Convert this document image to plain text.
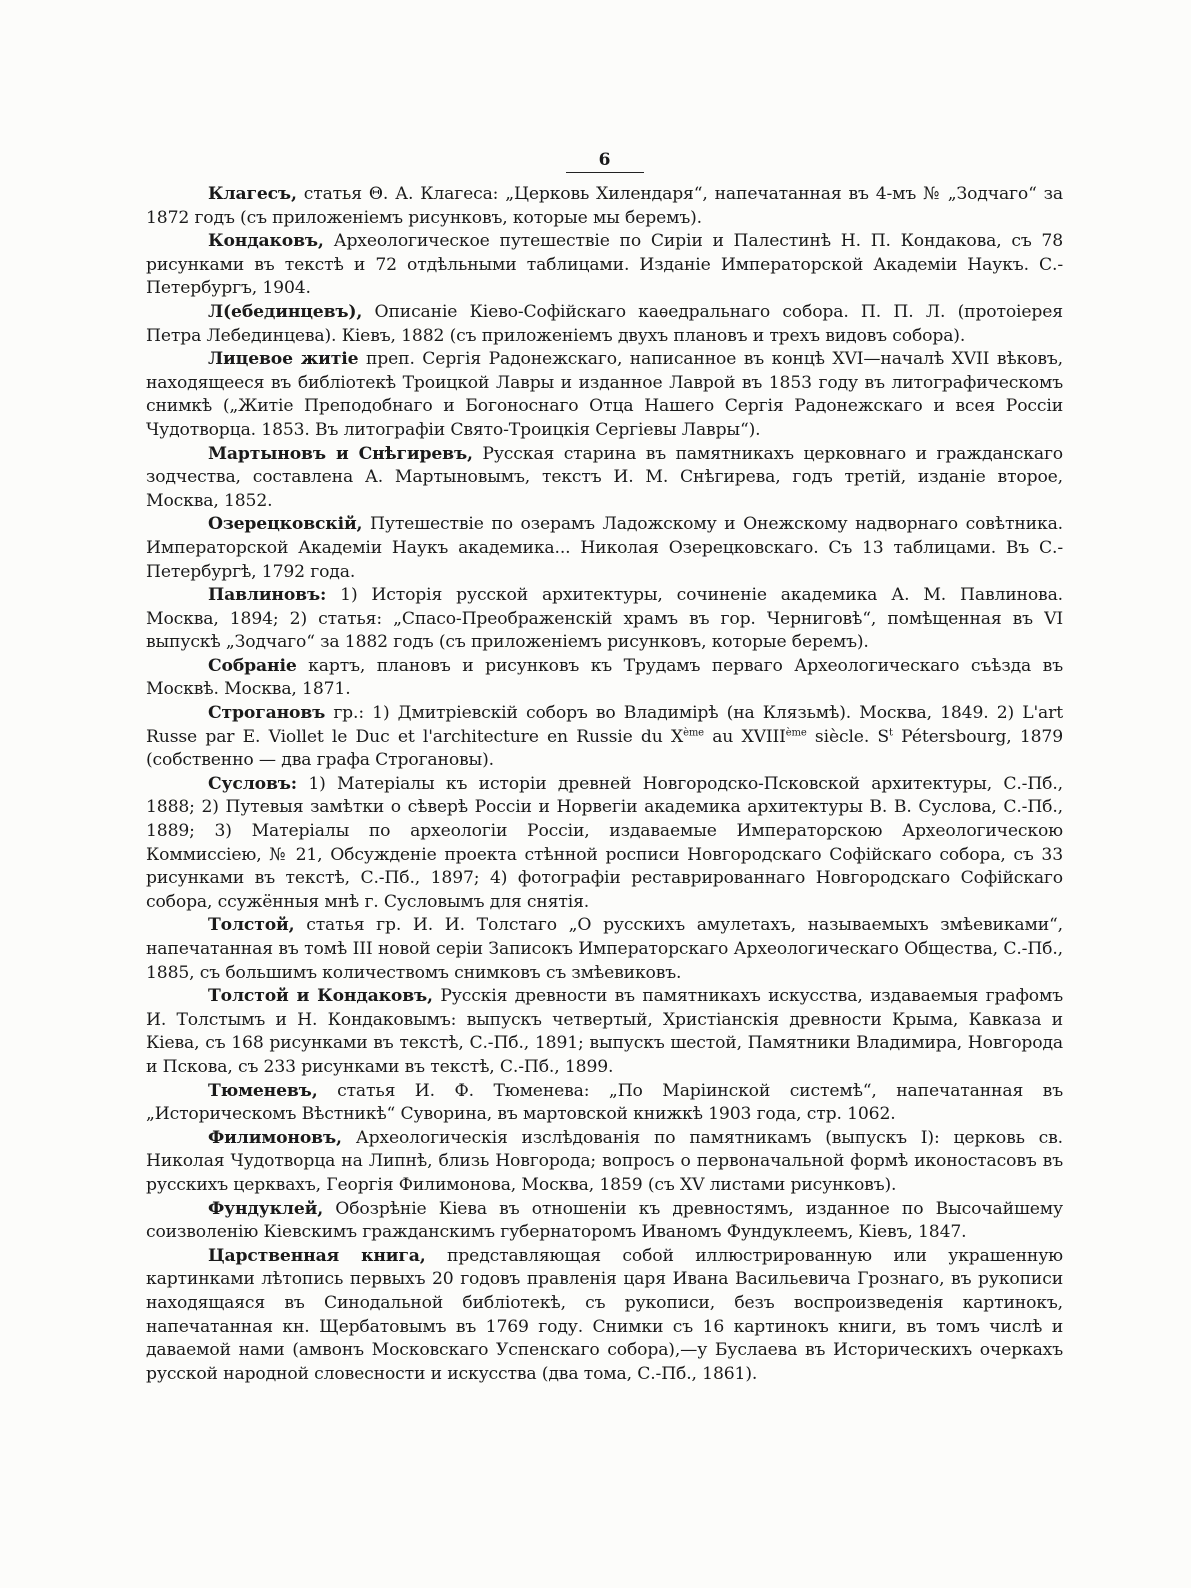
6

Клагесъ, статья Θ. А. Клагеса: „Церковь Хилендаря“, напечатанная въ 4-мъ № „Зодчаго“ за 1872 годъ (съ приложеніемъ рисунковъ, которые мы беремъ).

Кондаковъ, Археологическое путешествіе по Сиріи и Палестинѣ Н. П. Кондакова, съ 78 рисунками въ текстѣ и 72 отдѣльными таблицами. Изданіе Императорской Академіи Наукъ. С.-Петербургъ, 1904.

Л(ебединцевъ), Описаніе Кіево-Софійскаго каѳедральнаго собора. П. П. Л. (протоіерея Петра Лебединцева). Кіевъ, 1882 (съ приложеніемъ двухъ плановъ и трехъ видовъ собора).

Лицевое житіе преп. Сергія Радонежскаго, написанное въ концѣ XVI—началѣ XVII вѣковъ, находящееся въ библіотекѣ Троицкой Лавры и изданное Лаврой въ 1853 году въ литографическомъ снимкѣ („Житіе Преподобнаго и Богоноснаго Отца Нашего Сергія Радонежскаго и всея Россіи Чудотворца. 1853. Въ литографіи Свято-Троицкія Сергіевы Лавры“).

Мартыновъ и Снѣгиревъ, Русская старина въ памятникахъ церковнаго и гражданскаго зодчества, составлена А. Мартыновымъ, текстъ И. М. Снѣгирева, годъ третій, изданіе второе, Москва, 1852.

Озерецковскій, Путешествіе по озерамъ Ладожскому и Онежскому надворнаго совѣтника. Императорской Академіи Наукъ академика... Николая Озерецковскаго. Съ 13 таблицами. Въ С.-Петербургѣ, 1792 года.

Павлиновъ: 1) Исторія русской архитектуры, сочиненіе академика А. М. Павлинова. Москва, 1894; 2) статья: „Спасо-Преображенскій храмъ въ гор. Черниговѣ“, помѣщенная въ VI выпускѣ „Зодчаго“ за 1882 годъ (съ приложеніемъ рисунковъ, которые беремъ).

Собраніе картъ, плановъ и рисунковъ къ Трудамъ перваго Археологическаго съѣзда въ Москвѣ. Москва, 1871.

Строгановъ гр.: 1) Дмитріевскій соборъ во Владимірѣ (на Клязьмѣ). Москва, 1849. 2) L'art Russe par E. Viollet le Duc et l'architecture en Russie du Xème au XVIIIème siècle. $S^t$ Pétersbourg, 1879 (собственно — два графа Строгановы).

Сусловъ: 1) Матеріалы къ исторіи древней Новгородско-Псковской архитектуры, С.-Пб., 1888; 2) Путевыя замѣтки о сѣверѣ Россіи и Норвегіи академика архитектуры В. В. Суслова, С.-Пб., 1889; 3) Матеріалы по археологіи Россіи, издаваемые Императорскою Археологическою Коммиссіею, № 21, Обсужденіе проекта стѣнной росписи Новгородскаго Софійскаго собора, съ 33 рисунками въ текстѣ, С.-Пб., 1897; 4) фотографіи реставрированнаго Новгородскаго Софійскаго собора, ссужённыя мнѣ г. Сусловымъ для снятія.

Толстой, статья гр. И. И. Толстаго „О русскихъ амулетахъ, называемыхъ змѣевиками“, напечатанная въ томѣ III новой серіи Записокъ Императорскаго Археологическаго Общества, С.-Пб., 1885, съ большимъ количествомъ снимковъ съ змѣевиковъ.

Толстой и Кондаковъ, Русскія древности въ памятникахъ искусства, издаваемыя графомъ И. Толстымъ и Н. Кондаковымъ: выпускъ четвертый, Христіанскія древности Крыма, Кавказа и Кіева, съ 168 рисунками въ текстѣ, С.-Пб., 1891; выпускъ шестой, Памятники Владимира, Новгорода и Пскова, съ 233 рисунками въ текстѣ, С.-Пб., 1899.

Тюменевъ, статья И. Ф. Тюменева: „По Маріинской системѣ“, напечатанная въ „Историческомъ Вѣстникѣ“ Суворина, въ мартовской книжкѣ 1903 года, стр. 1062.

Филимоновъ, Археологическія изслѣдованія по памятникамъ (выпускъ I): церковь св. Николая Чудотворца на Липнѣ, близь Новгорода; вопросъ о первоначальной формѣ иконостасовъ въ русскихъ церквахъ, Георгія Филимонова, Москва, 1859 (съ XV листами рисунковъ).

Фундуклей, Обозрѣніе Кіева въ отношеніи къ древностямъ, изданное по Высочайшему соизволенію Кіевскимъ гражданскимъ губернаторомъ Иваномъ Фундуклеемъ, Кіевъ, 1847.

Царственная книга, представляющая собой иллюстрированную или украшенную картинками лѣтопись первыхъ 20 годовъ правленія царя Ивана Васильевича Грознаго, въ рукописи находящаяся въ Синодальной библіотекѣ, съ рукописи, безъ воспроизведенія картинокъ, напечатанная кн. Щербатовымъ въ 1769 году. Снимки съ 16 картинокъ книги, въ томъ числѣ и даваемой нами (амвонъ Московскаго Успенскаго собора),—у Буслаева въ Историческихъ очеркахъ русской народной словесности и искусства (два тома, С.-Пб., 1861).
